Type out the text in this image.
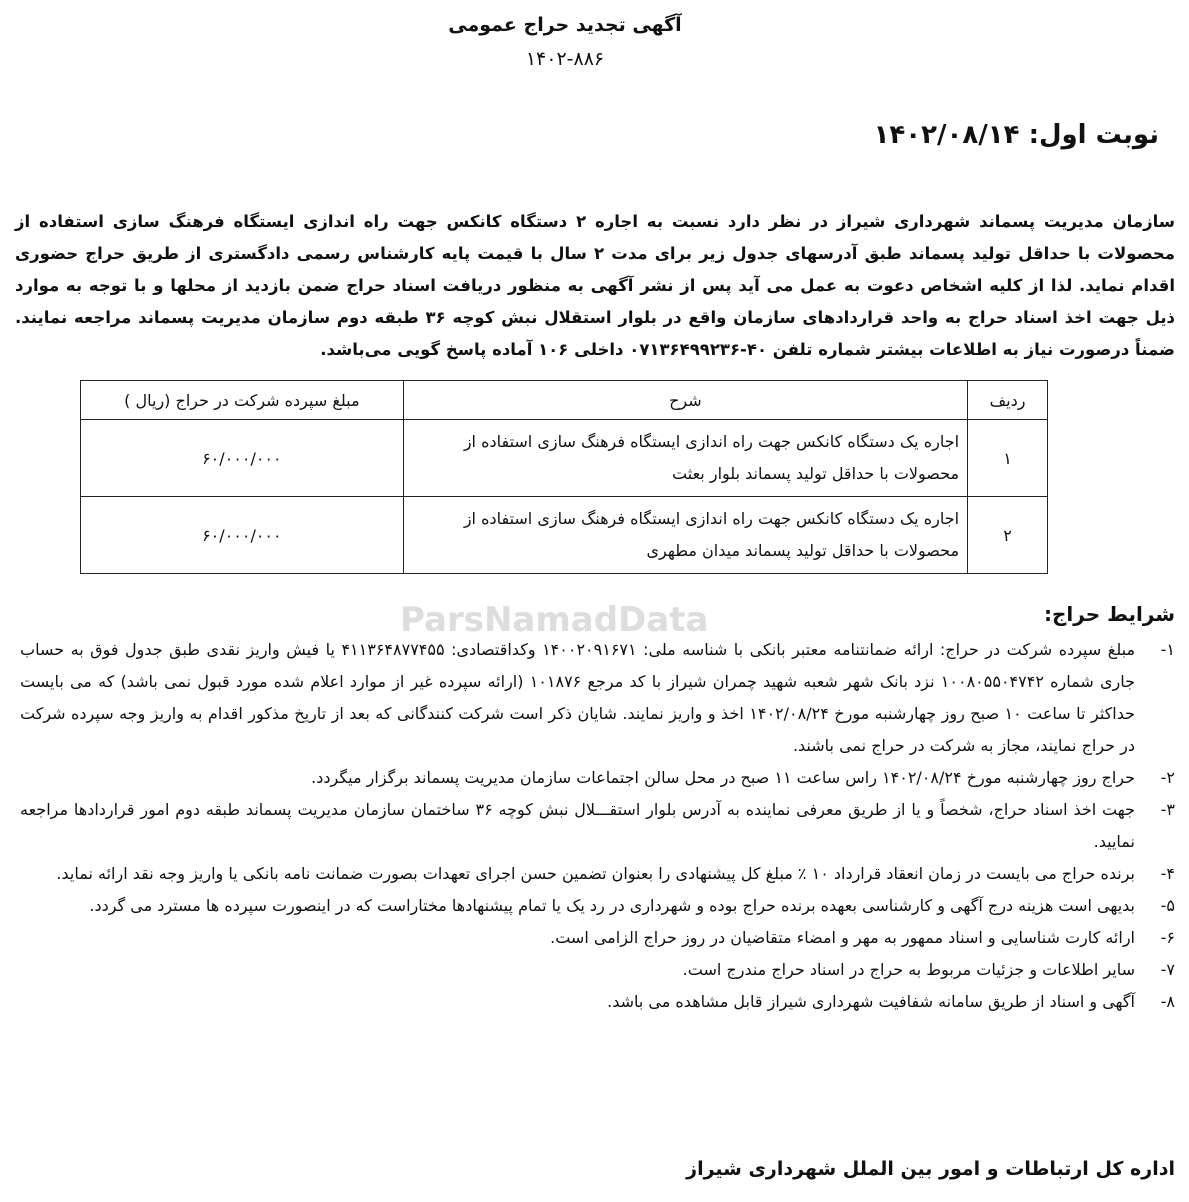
آگهی تجدید حراج عمومی
۱۴۰۲-۸۸۶
نوبت اول: ۱۴۰۲/۰۸/۱۴
سازمان مدیریت پسماند شهرداری شیراز در نظر دارد نسبت به اجاره ۲ دستگاه کانکس جهت راه اندازی ایستگاه فرهنگ سازی استفاده از محصولات با حداقل تولید پسماند طبق آدرسهای جدول زیر برای مدت ۲ سال با قیمت پایه کارشناس رسمی دادگستری از طریق حراج حضوری اقدام نماید. لذا از کلیه اشخاص دعوت به عمل می آید پس از نشر آگهی به منظور دریافت اسناد حراج ضمن بازدید از محلها و با توجه به موارد ذیل جهت اخذ اسناد حراج به واحد قراردادهای سازمان واقع در بلوار استقلال نبش کوچه ۳۶ طبقه دوم سازمان مدیریت پسماند مراجعه نمایند. ضمناً درصورت نیاز به اطلاعات بیشتر شماره تلفن ۴۰-۰۷۱۳۶۴۹۹۲۳۶ داخلی ۱۰۶ آماده پاسخ گویی می‌باشد.
ردیف	شرح	مبلغ سپرده شرکت در حراج (ریال )
۱	اجاره یک دستگاه کانکس جهت راه اندازی ایستگاه فرهنگ سازی استفاده از محصولات با حداقل تولید پسماند بلوار بعثت	۶۰/۰۰۰/۰۰۰
۲	اجاره یک دستگاه کانکس جهت راه اندازی ایستگاه فرهنگ سازی استفاده از محصولات با حداقل تولید پسماند میدان مطهری	۶۰/۰۰۰/۰۰۰
ParsNamadData	شرایط حراج:
۱-
مبلغ سپرده شرکت در حراج: ارائه ضمانتنامه معتبر بانکی با شناسه ملی: ۱۴۰۰۲۰۹۱۶۷۱ وکداقتصادی: ۴۱۱۳۶۴۸۷۷۴۵۵ یا فیش واریز نقدی طبق جدول فوق به حساب جاری شماره ۱۰۰۸۰۵۵۰۴۷۴۲ نزد بانک شهر شعبه شهید چمران شیراز با کد مرجع ۱۰۱۸۷۶ (ارائه سپرده غیر از موارد اعلام شده مورد قبول نمی باشد) که می بایست حداکثر تا ساعت ۱۰ صبح روز چهارشنبه مورخ ۱۴۰۲/۰۸/۲۴ اخذ و واریز نمایند. شایان ذکر است شرکت کنندگانی که بعد از تاریخ مذکور اقدام به واریز وجه سپرده شرکت در حراج نمایند، مجاز به شرکت در حراج نمی باشند.
۲-
حراج روز چهارشنبه مورخ ۱۴۰۲/۰۸/۲۴ راس ساعت ۱۱ صبح در محل سالن اجتماعات سازمان مدیریت پسماند برگزار میگردد.
۳-
جهت اخذ اسناد حراج، شخصاً و یا از طریق معرفی نماینده به آدرس بلوار استقـــلال نبش کوچه ۳۶ ساختمان سازمان مدیریت پسماند طبقه دوم امور قراردادها مراجعه نمایید.
۴-
برنده حراج می بایست در زمان انعقاد قرارداد ۱۰ ٪ مبلغ کل پیشنهادی را بعنوان تضمین حسن اجرای تعهدات بصورت ضمانت نامه بانکی یا واریز وجه نقد ارائه نماید.
۵-
بدیهی است هزینه درج آگهی و کارشناسی بعهده برنده حراج بوده و شهرداری در رد یک یا تمام پیشنهادها مختاراست که در اینصورت سپرده ها مسترد می گردد.
۶-
ارائه کارت شناسایی و اسناد ممهور به مهر و امضاء متقاضیان در روز حراج الزامی است.
۷-
سایر اطلاعات و جزئیات مربوط به حراج در اسناد حراج مندرج است.
۸-
آگهی و اسناد از طریق سامانه شفافیت شهرداری شیراز قابل مشاهده می باشد.
اداره کل ارتباطات و امور بین الملل شهرداری شیراز
